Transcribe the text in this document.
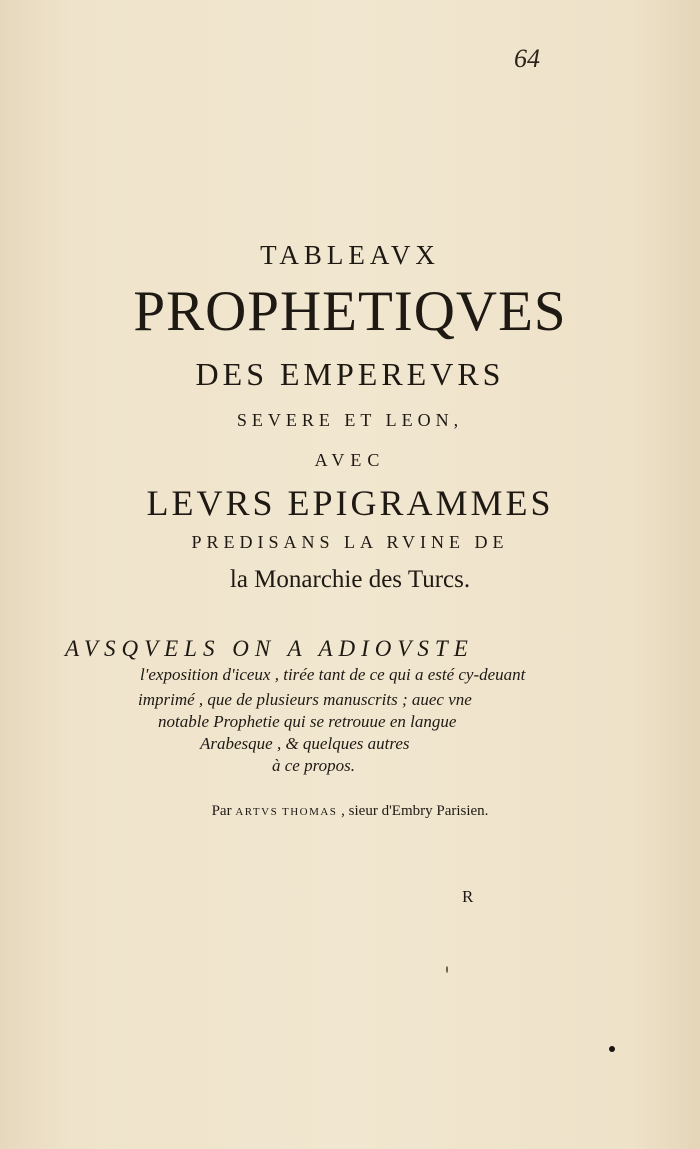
64
TABLEAVX
PROPHETIQVES
DES EMPEREVRS
SEVERE ET LEON,
AVEC
LEVRS EPIGRAMMES
PREDISANS LA RVINE DE
la Monarchie des Turcs.
AVSQVELS ON A ADIOVSTE
l'exposition d'iceux , tirée tant de ce qui a esté cy-deuant
imprimé , que de plusieurs manuscrits ; auec vne
notable Prophetie qui se retrouue en langue
Arabesque , & quelques autres
à ce propos.
Par ARTVS THOMAS , sieur d'Embry Parisien.
R
